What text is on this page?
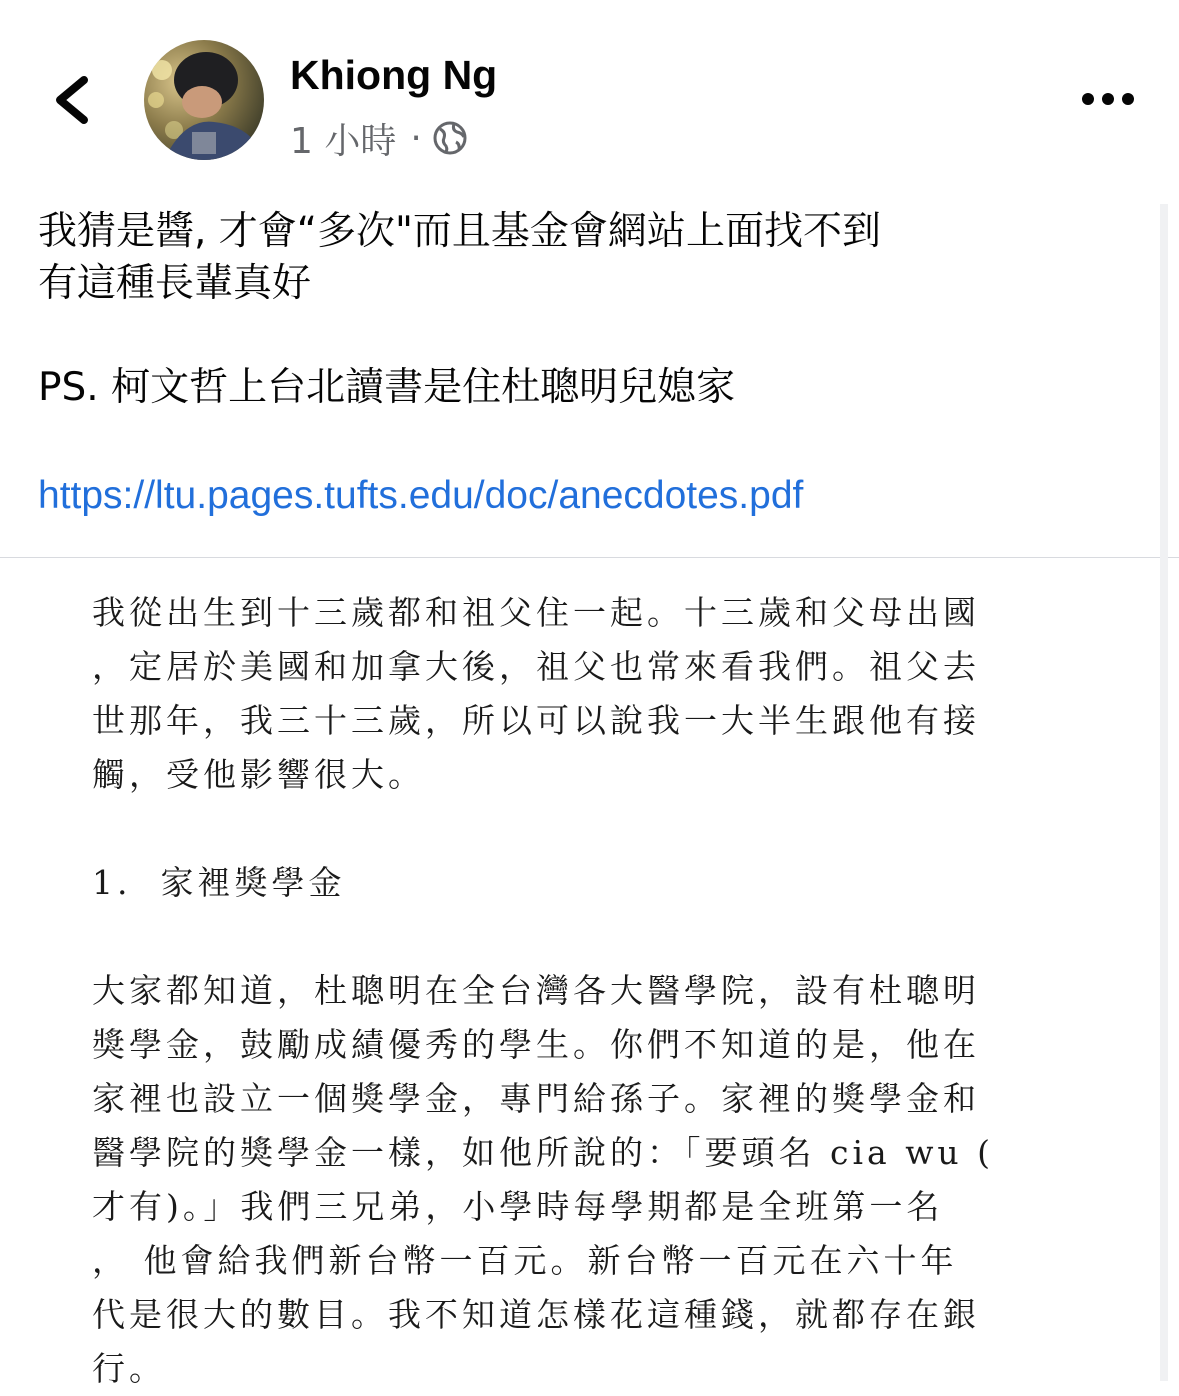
Khiong Ng
1 小時 ·
我猜是醬, 才會“多次"而且基金會網站上面找不到
有這種長輩真好
PS. 柯文哲上台北讀書是住杜聰明兒媳家
https://ltu.pages.tufts.edu/doc/anecdotes.pdf
我從出生到十三歲都和祖父住一起。十三歲和父母出國
，定居於美國和加拿大後，祖父也常來看我們。祖父去
世那年，我三十三歲，所以可以說我一大半生跟他有接
觸，受他影響很大。
1.  家裡獎學金
大家都知道，杜聰明在全台灣各大醫學院，設有杜聰明
獎學金，鼓勵成績優秀的學生。你們不知道的是，他在
家裡也設立一個獎學金，專門給孫子。家裡的獎學金和
醫學院的獎學金一樣，如他所說的：「要頭名 cia wu (
才有)。」我們三兄弟，小學時每學期都是全班第一名
， 他會給我們新台幣一百元。新台幣一百元在六十年
代是很大的數目。我不知道怎樣花這種錢，就都存在銀
行。
